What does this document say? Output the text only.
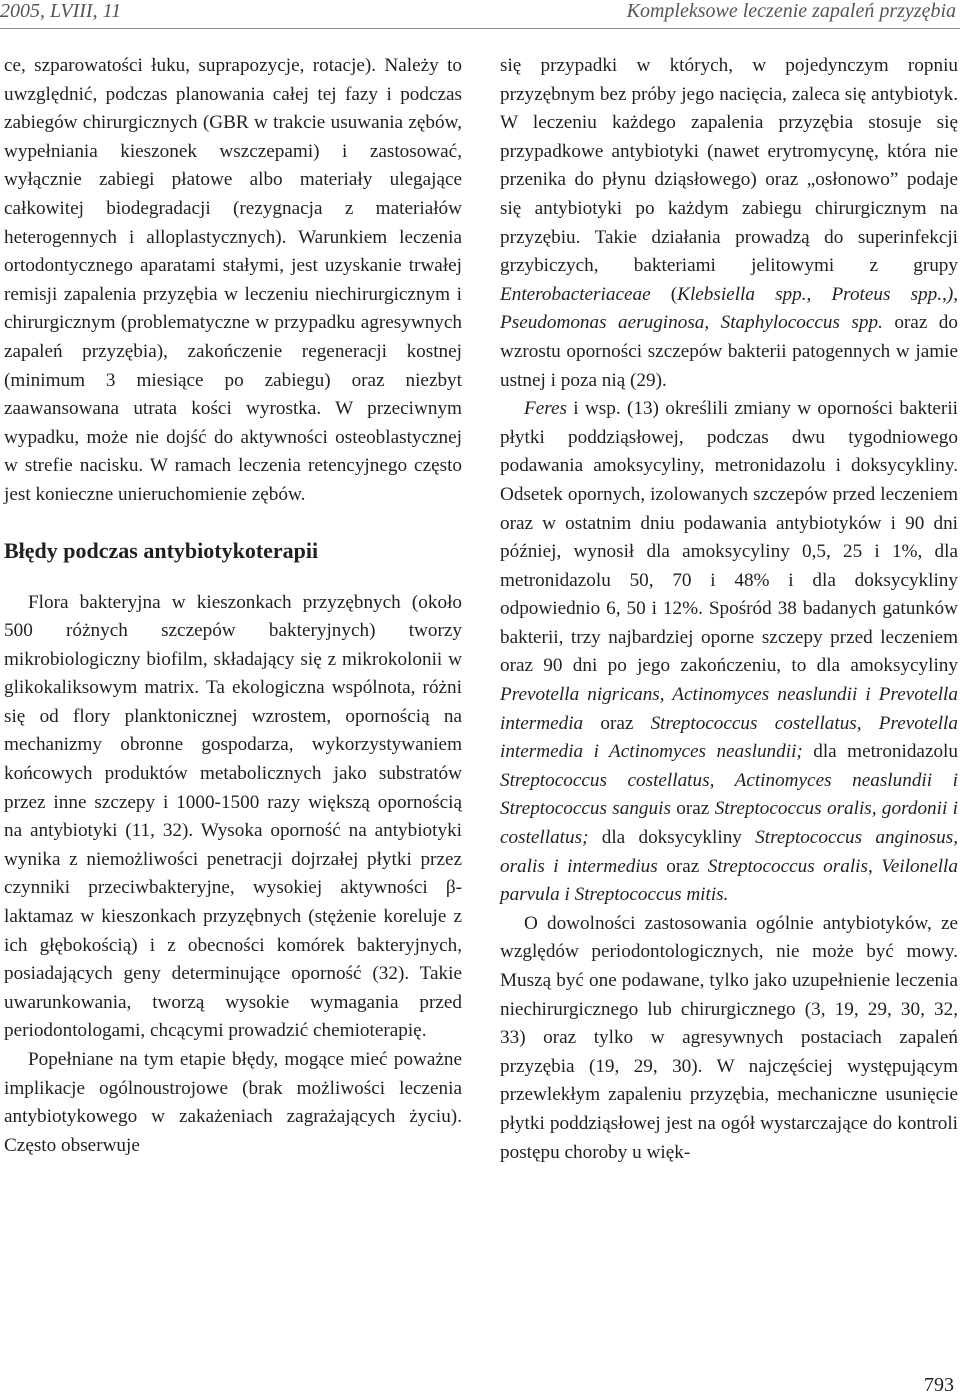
2005, LVIII, 11	Kompleksowe leczenie zapaleń przyzębia

ce, szparowatości łuku, suprapozycje, rotacje). Należy to uwzględnić, podczas planowania całej tej fazy i podczas zabiegów chirurgicznych (GBR w trakcie usuwania zębów, wypełniania kieszonek wszczepami) i zastosować, wyłącznie zabiegi płatowe albo materiały ulegające całkowitej biodegradacji (rezygnacja z materiałów heterogennych i alloplastycznych). Warunkiem leczenia ortodontycznego aparatami stałymi, jest uzyskanie trwałej remisji zapalenia przyzębia w leczeniu niechirurgicznym i chirurgicznym (problematyczne w przypadku agresywnych zapaleń przyzębia), zakończenie regeneracji kostnej (minimum 3 miesiące po zabiegu) oraz niezbyt zaawansowana utrata kości wyrostka. W przeciwnym wypadku, może nie dojść do aktywności osteoblastycznej w strefie nacisku. W ramach leczenia retencyjnego często jest konieczne unieruchomienie zębów.

Błędy podczas antybiotykoterapii

Flora bakteryjna w kieszonkach przyzębnych (około 500 różnych szczepów bakteryjnych) tworzy mikrobiologiczny biofilm, składający się z mikrokolonii w glikokaliksowym matrix. Ta ekologiczna wspólnota, różni się od flory planktonicznej wzrostem, opornością na mechanizmy obronne gospodarza, wykorzystywaniem końcowych produktów metabolicznych jako substratów przez inne szczepy i 1000-1500 razy większą opornością na antybiotyki (11, 32). Wysoka oporność na antybiotyki wynika z niemożliwości penetracji dojrzałej płytki przez czynniki przeciwbakteryjne, wysokiej aktywności β-laktamaz w kieszonkach przyzębnych (stężenie koreluje z ich głębokością) i z obecności komórek bakteryjnych, posiadających geny determinujące oporność (32). Takie uwarunkowania, tworzą wysokie wymagania przed periodontologami, chcącymi prowadzić chemioterapię.

Popełniane na tym etapie błędy, mogące mieć poważne implikacje ogólnoustrojowe (brak możliwości leczenia antybiotykowego w zakażeniach zagrażających życiu). Często obserwuje

się przypadki w których, w pojedynczym ropniu przyzębnym bez próby jego nacięcia, zaleca się antybiotyk. W leczeniu każdego zapalenia przyzębia stosuje się przypadkowe antybiotyki (nawet erytromycynę, która nie przenika do płynu dziąsłowego) oraz „osłonowo” podaje się antybiotyki po każdym zabiegu chirurgicznym na przyzębiu. Takie działania prowadzą do superinfekcji grzybiczych, bakteriami jelitowymi z grupy Enterobacteriaceae (Klebsiella spp., Proteus spp.,), Pseudomonas aeruginosa, Staphylococcus spp. oraz do wzrostu oporności szczepów bakterii patogennych w jamie ustnej i poza nią (29).

Feres i wsp. (13) określili zmiany w oporności bakterii płytki poddziąsłowej, podczas dwu tygodniowego podawania amoksycyliny, metronidazolu i doksycykliny. Odsetek opornych, izolowanych szczepów przed leczeniem oraz w ostatnim dniu podawania antybiotyków i 90 dni później, wynosił dla amoksycyliny 0,5, 25 i 1%, dla metronidazolu 50, 70 i 48% i dla doksycykliny odpowiednio 6, 50 i 12%. Spośród 38 badanych gatunków bakterii, trzy najbardziej oporne szczepy przed leczeniem oraz 90 dni po jego zakończeniu, to dla amoksycyliny Prevotella nigricans, Actinomyces neaslundii i Prevotella intermedia oraz Streptococcus costellatus, Prevotella intermedia i Actinomyces neaslundii; dla metronidazolu Streptococcus costellatus, Actinomyces neaslundii i Streptococcus sanguis oraz Streptococcus oralis, gordonii i costellatus; dla doksycykliny Streptococcus anginosus, oralis i intermedius oraz Streptococcus oralis, Veilonella parvula i Streptococcus mitis.

O dowolności zastosowania ogólnie antybiotyków, ze względów periodontologicznych, nie może być mowy. Muszą być one podawane, tylko jako uzupełnienie leczenia niechirurgicznego lub chirurgicznego (3, 19, 29, 30, 32, 33) oraz tylko w agresywnych postaciach zapaleń przyzębia (19, 29, 30). W najczęściej występującym przewlekłym zapaleniu przyzębia, mechaniczne usunięcie płytki poddziąsłowej jest na ogół wystarczające do kontroli postępu choroby u więk-

793
